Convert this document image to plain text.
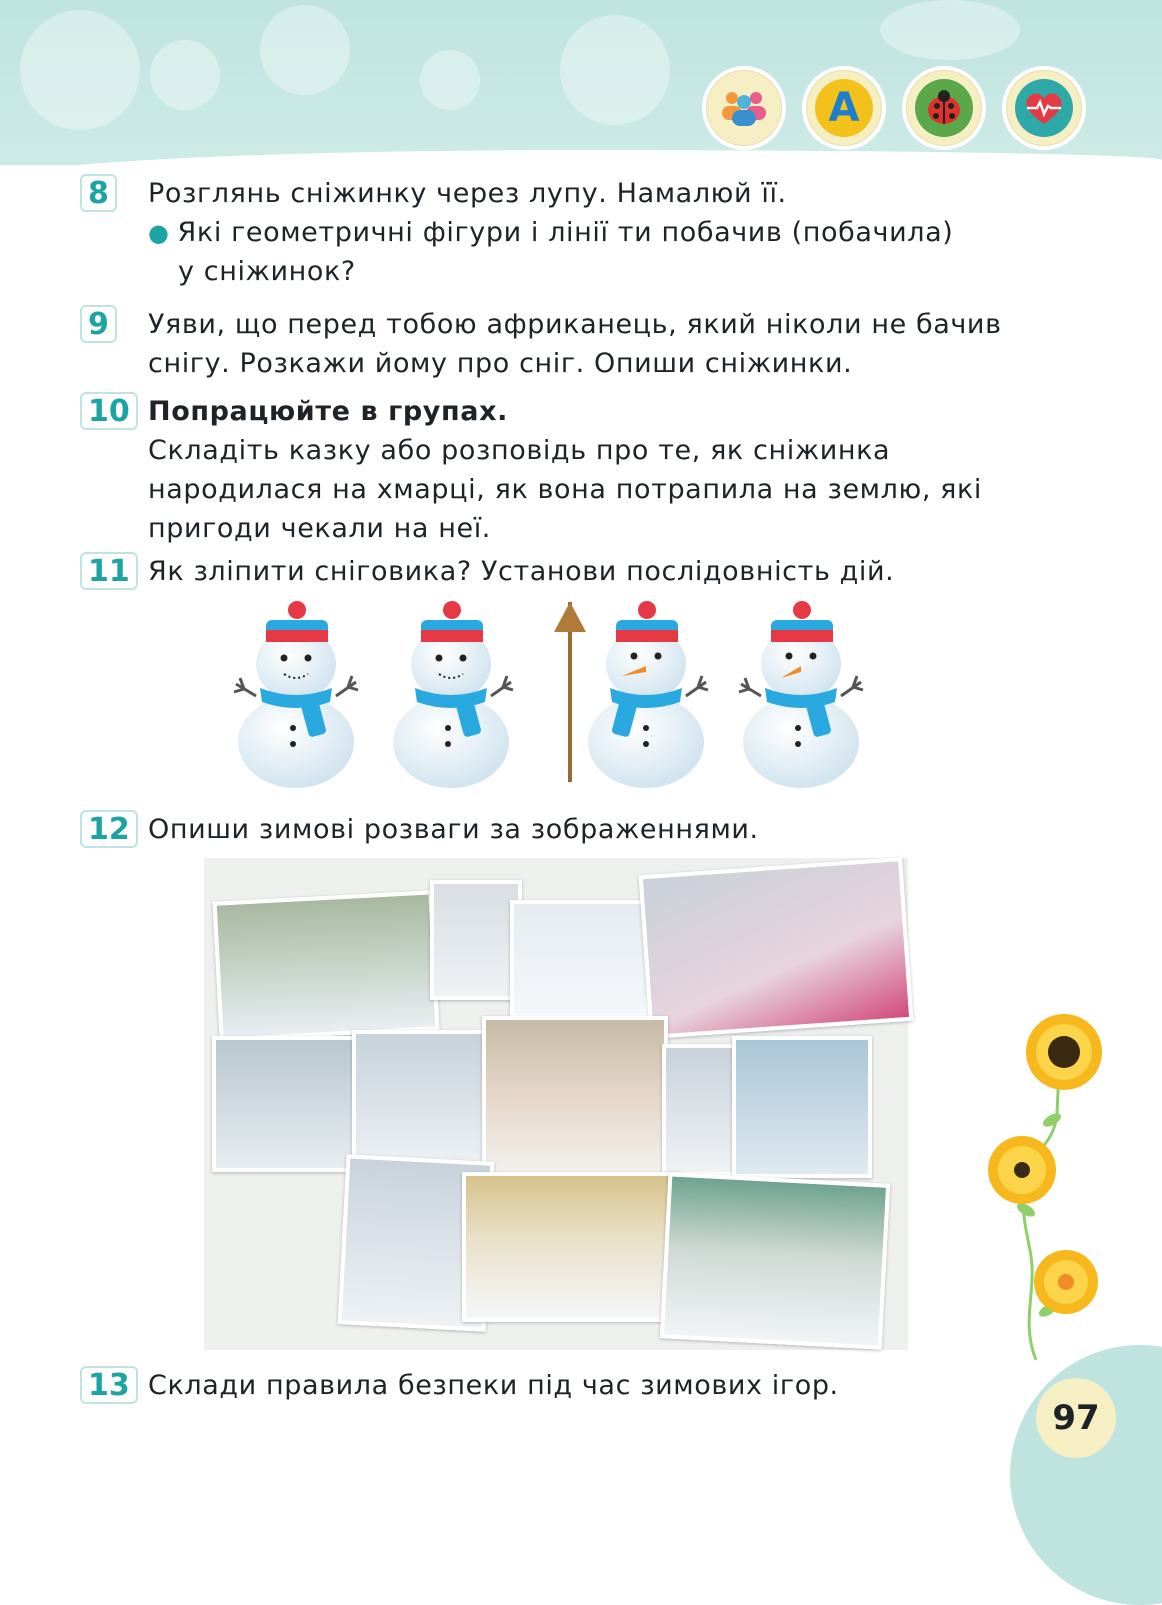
А
8 Розглянь сніжинку через лупу. Намалюй її.
● Які геометричні фігури і лінії ти побачив (побачила)
у сніжинок?
9 Уяви, що перед тобою африканець, який ніколи не бачив
снігу. Розкажи йому про сніг. Опиши сніжинки.
10 Попрацюйте в групах.
Складіть казку або розповідь про те, як сніжинка
народилася на хмарці, як вона потрапила на землю, які
пригоди чекали на неї.
11 Як зліпити сніговика? Установи послідовність дій.
12 Опиши зимові розваги за зображеннями.
13 Склади правила безпеки під час зимових ігор.
97
